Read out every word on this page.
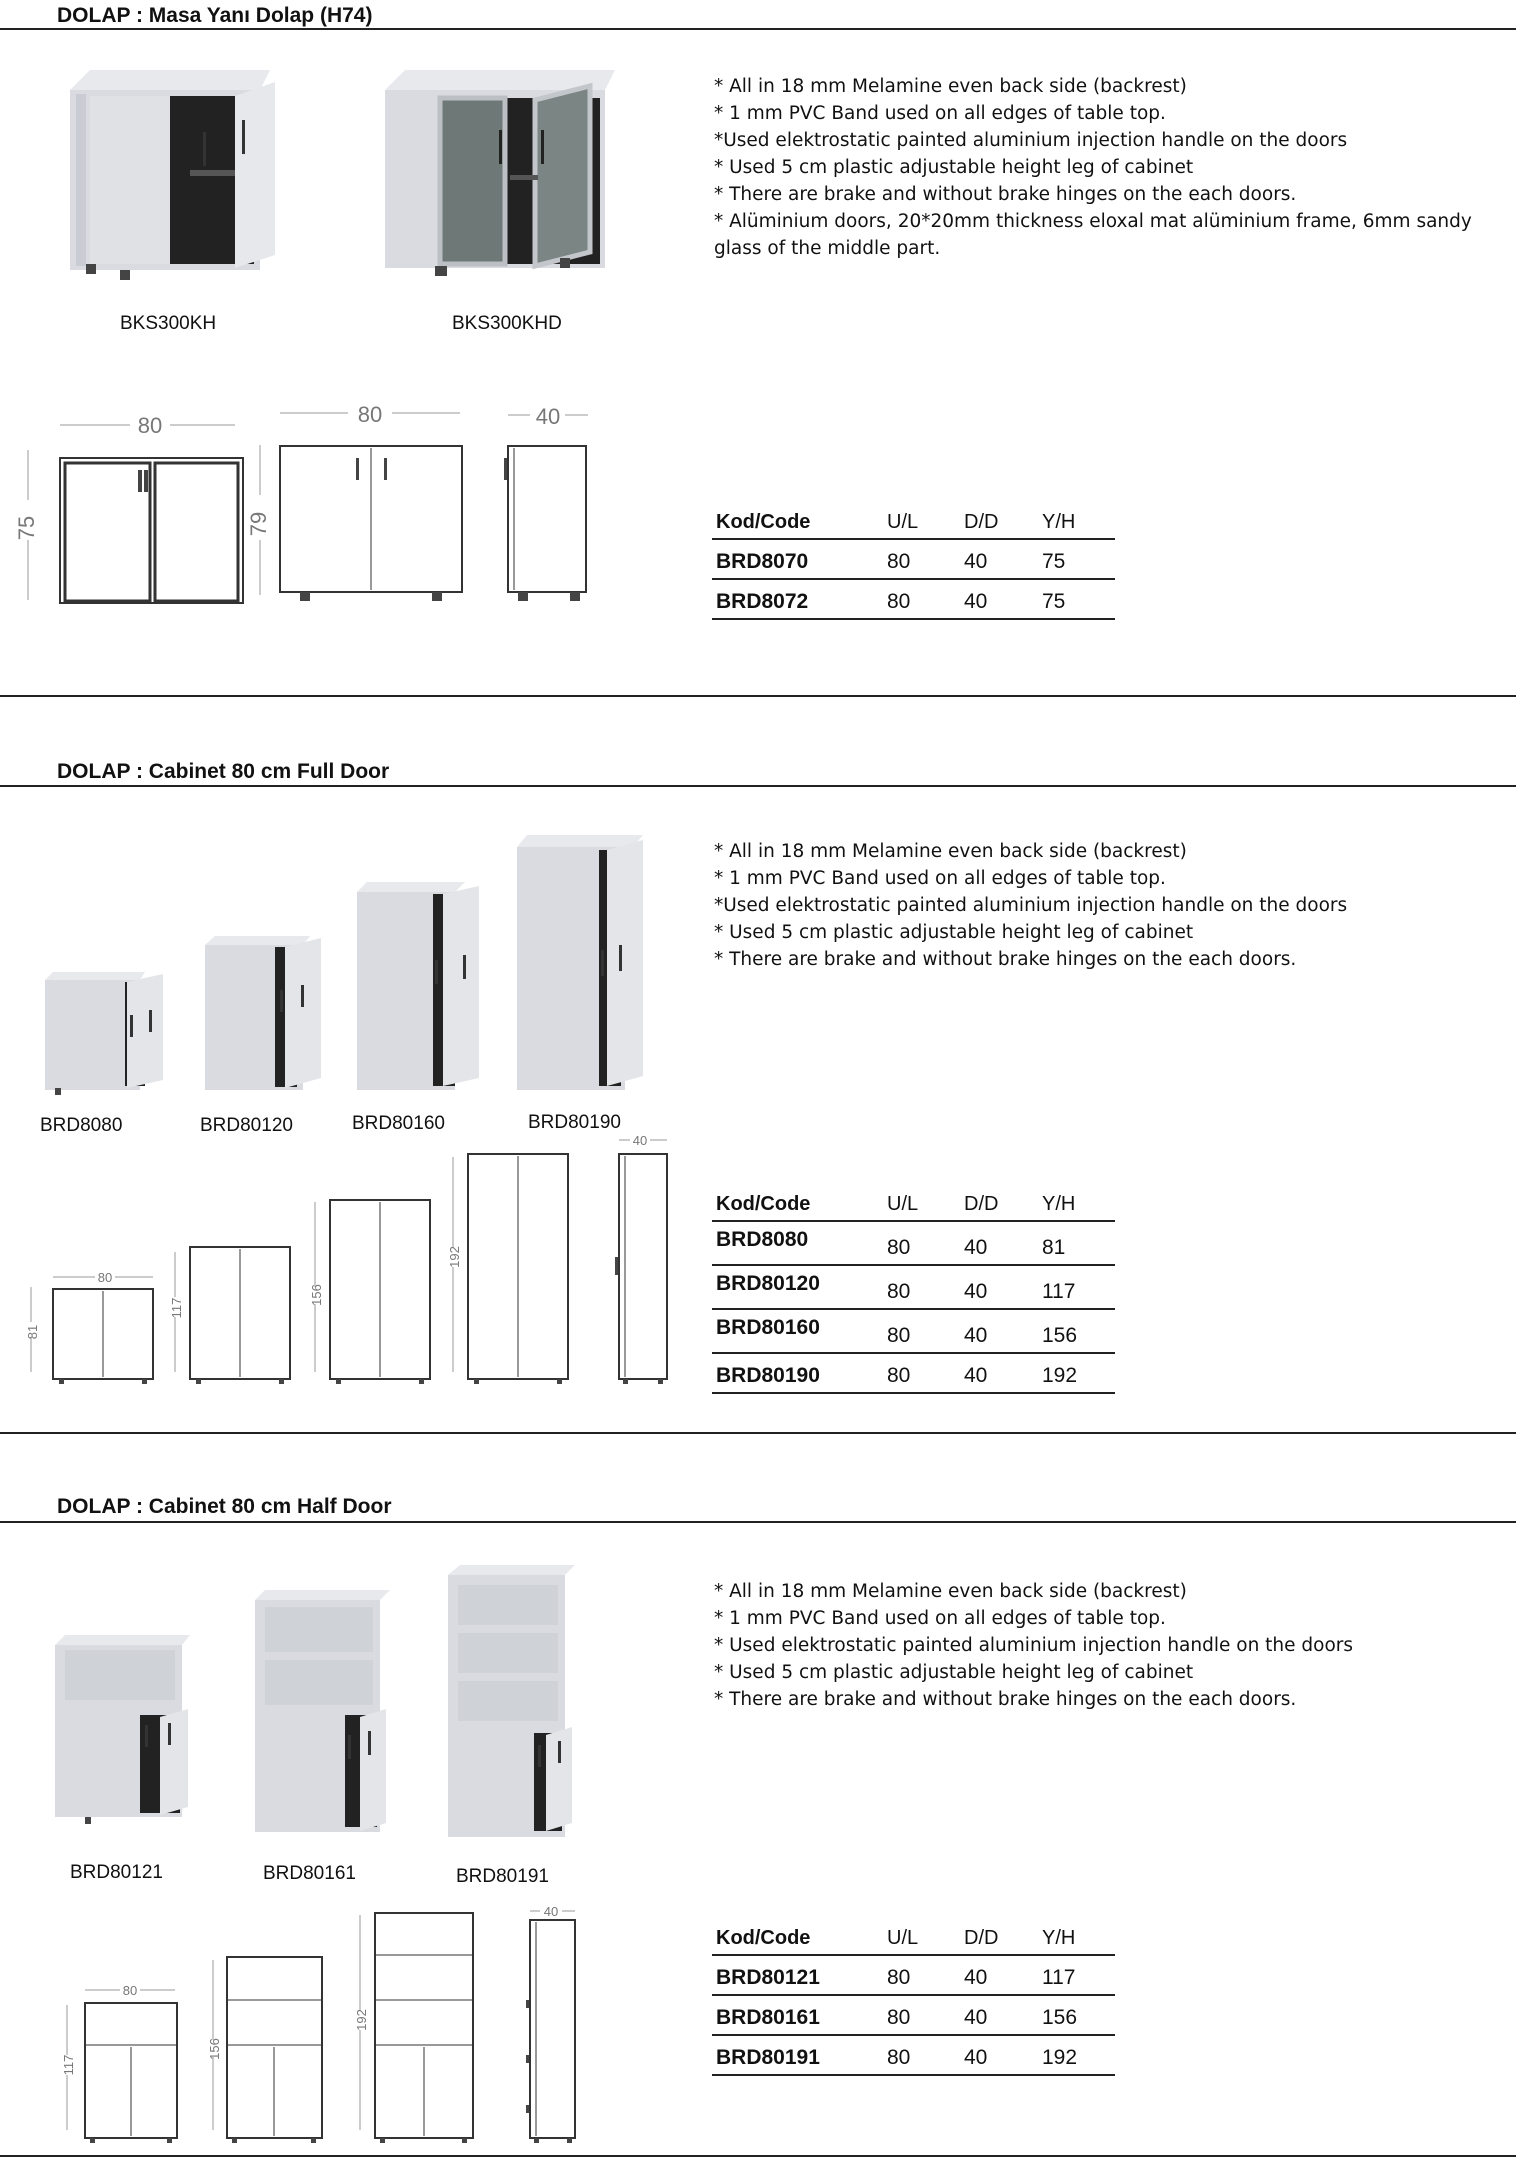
DOLAP : Masa Yanı Dolap (H74)
BKS300KH	BKS300KHD
* All in 18 mm Melamine even back side (backrest)
* 1 mm PVC Band used on all edges of table top.
*Used elektrostatic painted aluminium injection handle on the doors
* Used 5 cm plastic adjustable height leg of cabinet
* There are brake and without brake hinges on the each doors.
* Alüminium doors, 20*20mm thickness eloxal mat alüminium frame, 6mm sandy glass of the middle part.
80
75
80
79
40
Kod/Code	U/L D/D Y/H
BRD8070	80	40	75
BRD8072	80	40	75
DOLAP : Cabinet 80 cm Full Door
* All in 18 mm Melamine even back side (backrest)
* 1 mm PVC Band used on all edges of table top.
*Used elektrostatic painted aluminium injection handle on the doors
* Used 5 cm plastic adjustable height leg of cabinet
* There are brake and without brake hinges on the each doors.
BRD8080	BRD80120	BRD80160	BRD80190
80
81
117
156
192
40
Kod/Code	U/L D/D Y/H
BRD8080	80	40	81
BRD80120	80	40	117
BRD80160	80	40	156
BRD80190	80	40	192
DOLAP : Cabinet 80 cm Half Door
* All in 18 mm Melamine even back side (backrest)
* 1 mm PVC Band used on all edges of table top.
* Used elektrostatic painted aluminium injection handle on the doors
* Used 5 cm plastic adjustable height leg of cabinet
* There are brake and without brake hinges on the each doors.
BRD80121	BRD80161	BRD80191
80
117
156
192
40
Kod/Code	U/L D/D Y/H
BRD80121	80	40	117
BRD80161	80	40	156
BRD80191	80	40	192
